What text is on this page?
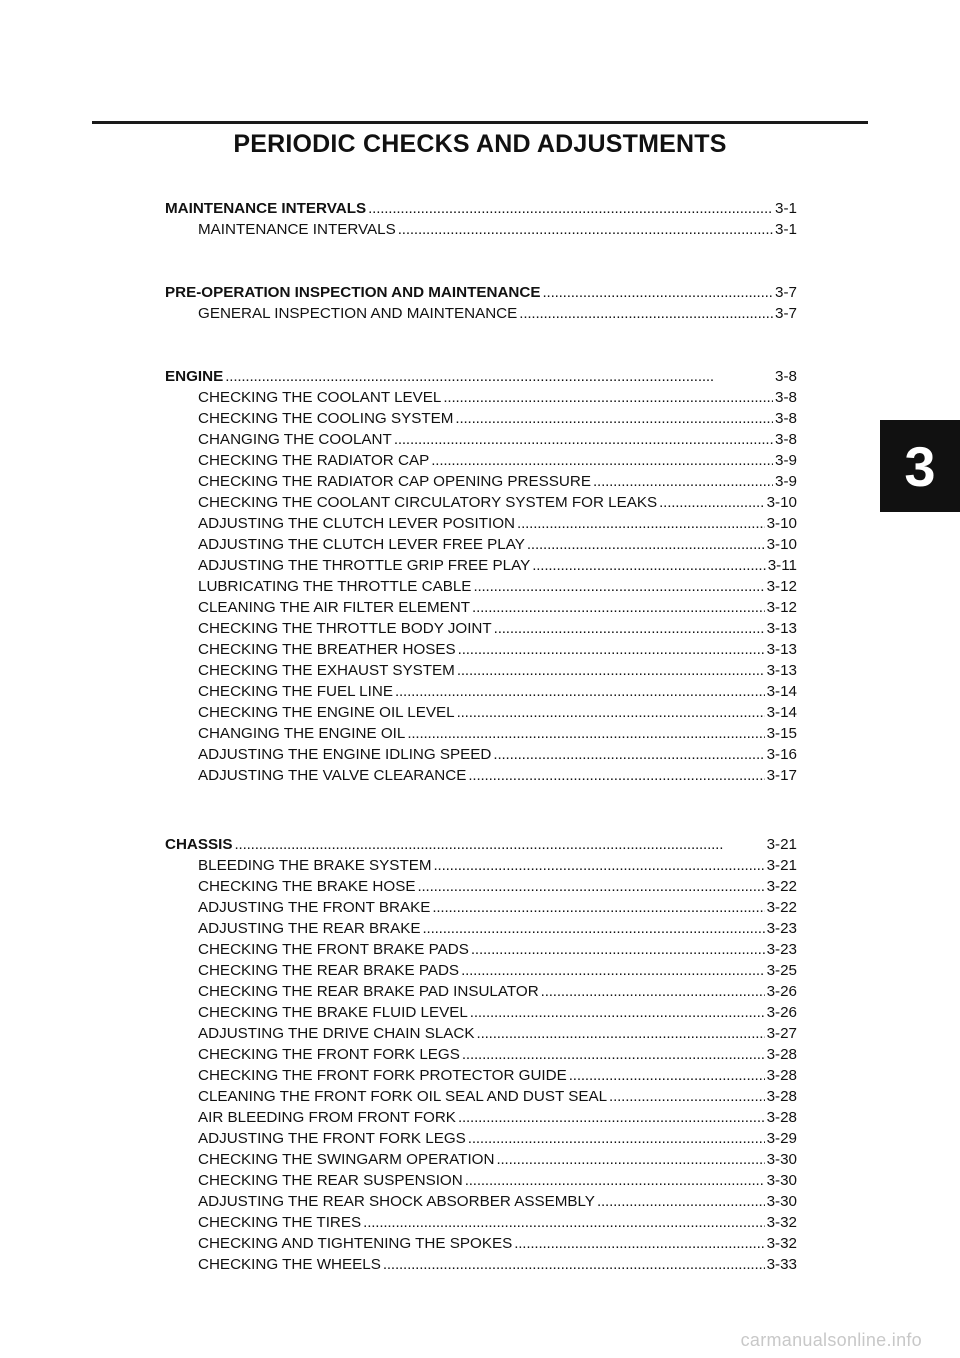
PERIODIC CHECKS AND ADJUSTMENTS
MAINTENANCE INTERVALS . . .	3-1
MAINTENANCE INTERVALS . . .	3-1
PRE-OPERATION INSPECTION AND MAINTENANCE . . .	3-7
GENERAL INSPECTION AND MAINTENANCE . . .	3-7
ENGINE . . .	3-8
CHECKING THE COOLANT LEVEL . . .	3-8
CHECKING THE COOLING SYSTEM . . .	3-8
CHANGING THE COOLANT . . .	3-8
CHECKING THE RADIATOR CAP . . .	3-9
CHECKING THE RADIATOR CAP OPENING PRESSURE . . .	3-9
CHECKING THE COOLANT CIRCULATORY SYSTEM FOR LEAKS . . .	3-10
ADJUSTING THE CLUTCH LEVER POSITION . . .	3-10
ADJUSTING THE CLUTCH LEVER FREE PLAY . . .	3-10
ADJUSTING THE THROTTLE GRIP FREE PLAY . . .	3-11
LUBRICATING THE THROTTLE CABLE . . .	3-12
CLEANING THE AIR FILTER ELEMENT . . .	3-12
CHECKING THE THROTTLE BODY JOINT . . .	3-13
CHECKING THE BREATHER HOSES . . .	3-13
CHECKING THE EXHAUST SYSTEM . . .	3-13
CHECKING THE FUEL LINE . . .	3-14
CHECKING THE ENGINE OIL LEVEL . . .	3-14
CHANGING THE ENGINE OIL . . .	3-15
ADJUSTING THE ENGINE IDLING SPEED . . .	3-16
ADJUSTING THE VALVE CLEARANCE . . .	3-17
CHASSIS . . .	3-21
BLEEDING THE BRAKE SYSTEM . . .	3-21
CHECKING THE BRAKE HOSE . . .	3-22
ADJUSTING THE FRONT BRAKE . . .	3-22
ADJUSTING THE REAR BRAKE . . .	3-23
CHECKING THE FRONT BRAKE PADS . . .	3-23
CHECKING THE REAR BRAKE PADS . . .	3-25
CHECKING THE REAR BRAKE PAD INSULATOR . . .	3-26
CHECKING THE BRAKE FLUID LEVEL . . .	3-26
ADJUSTING THE DRIVE CHAIN SLACK . . .	3-27
CHECKING THE FRONT FORK LEGS . . .	3-28
CHECKING THE FRONT FORK PROTECTOR GUIDE . . .	3-28
CLEANING THE FRONT FORK OIL SEAL AND DUST SEAL . . .	3-28
AIR BLEEDING FROM FRONT FORK . . .	3-28
ADJUSTING THE FRONT FORK LEGS . . .	3-29
CHECKING THE SWINGARM OPERATION . . .	3-30
CHECKING THE REAR SUSPENSION . . .	3-30
ADJUSTING THE REAR SHOCK ABSORBER ASSEMBLY . . .	3-30
CHECKING THE TIRES . . .	3-32
CHECKING AND TIGHTENING THE SPOKES . . .	3-32
CHECKING THE WHEELS . . .	3-33
3
carmanualsonline.info
